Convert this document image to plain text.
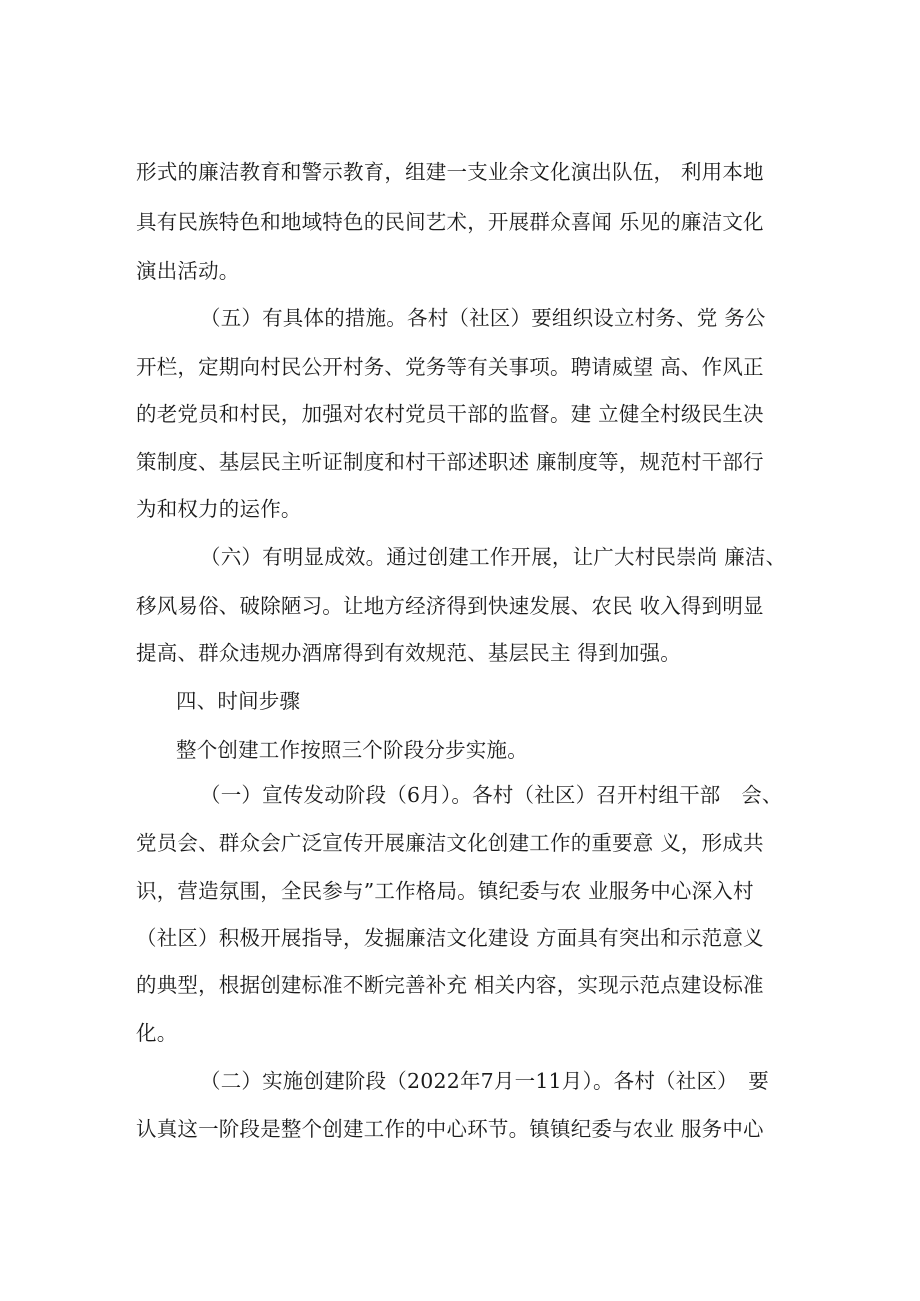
形式的廉洁教育和警示教育，组建一支业余文化演出队伍， 利用本地
具有民族特色和地域特色的民间艺术，开展群众喜闻 乐见的廉洁文化
演出活动。
（五）有具体的措施。各村（社区）要组织设立村务、党 务公
开栏，定期向村民公开村务、党务等有关事项。聘请威望 高、作风正
的老党员和村民，加强对农村党员干部的监督。建 立健全村级民生决
策制度、基层民主听证制度和村干部述职述 廉制度等，规范村干部行
为和权力的运作。
（六）有明显成效。通过创建工作开展，让广大村民崇尚 廉洁、
移风易俗、破除陋习。让地方经济得到快速发展、农民 收入得到明显
提高、群众违规办酒席得到有效规范、基层民主 得到加强。
四、时间步骤
整个创建工作按照三个阶段分步实施。
（一）宣传发动阶段（6月）。各村（社区）召开村组干部　会、
党员会、群众会广泛宣传开展廉洁文化创建工作的重要意 义，形成共
识，营造氛围，全民参与”工作格局。镇纪委与农 业服务中心深入村
（社区）积极开展指导，发掘廉洁文化建设 方面具有突出和示范意义
的典型，根据创建标准不断完善补充 相关内容，实现示范点建设标准
化。
（二）实施创建阶段（2022年7月一11月）。各村（社区）　要
认真这一阶段是整个创建工作的中心环节。镇镇纪委与农业 服务中心
